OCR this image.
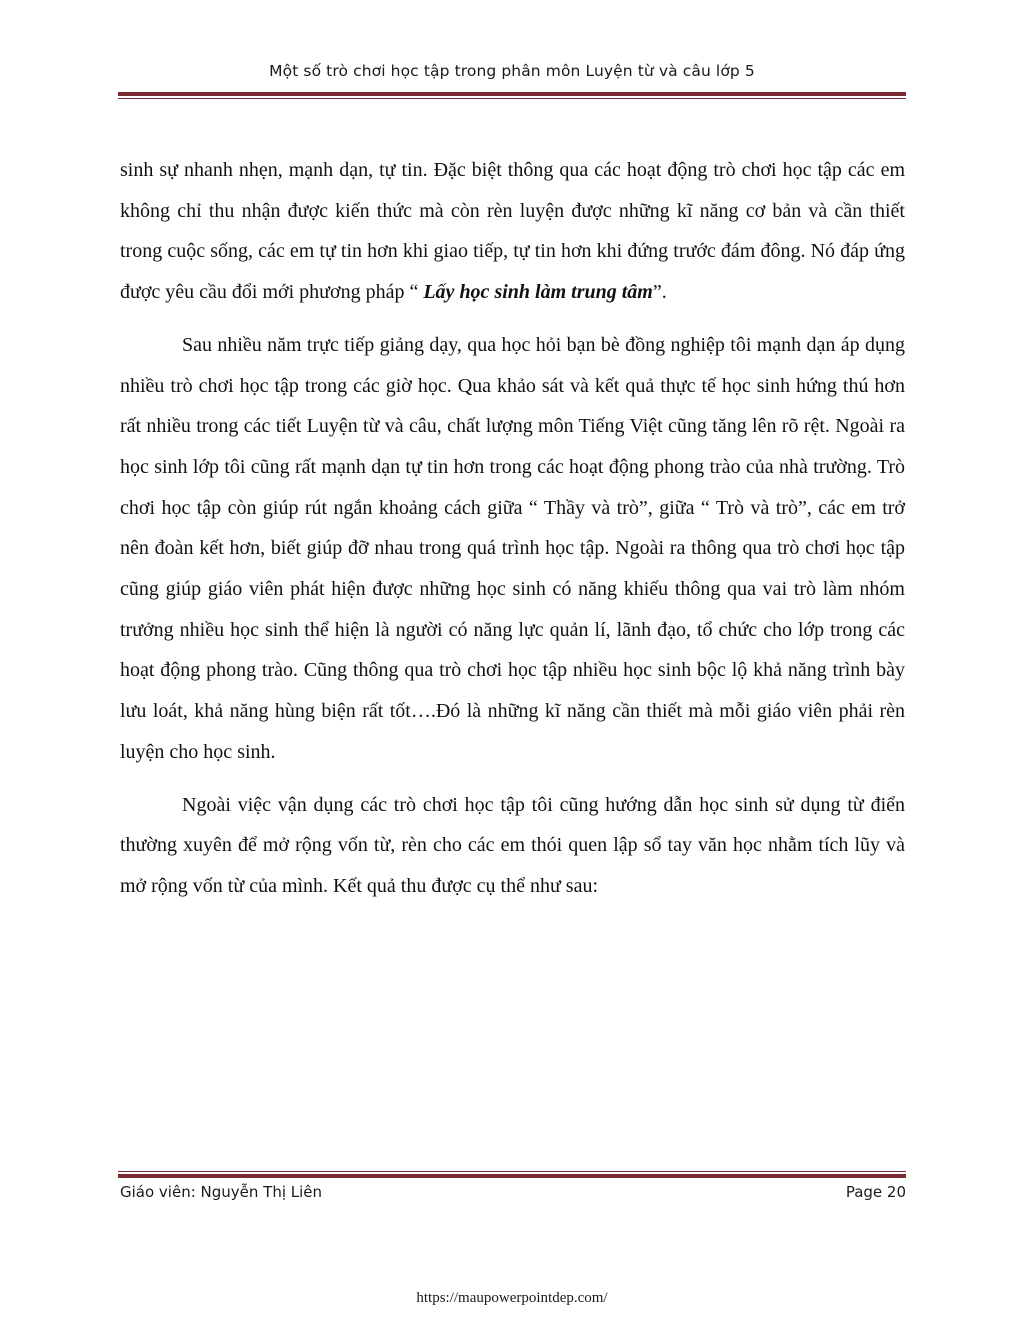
Một số trò chơi học tập trong phân môn Luyện từ và câu lớp 5

sinh sự nhanh nhẹn, mạnh dạn, tự tin. Đặc biệt thông qua các hoạt động trò chơi học tập các em không chỉ thu nhận được kiến thức mà còn rèn luyện được những kĩ năng cơ bản và cần thiết trong cuộc sống, các em tự tin hơn khi giao tiếp, tự tin hơn khi đứng trước đám đông. Nó đáp ứng được yêu cầu đổi mới phương pháp “ Lấy học sinh làm trung tâm”.

Sau nhiều năm trực tiếp giảng dạy, qua học hỏi bạn bè đồng nghiệp tôi mạnh dạn áp dụng nhiều trò chơi học tập trong các giờ học. Qua khảo sát và kết quả thực tế học sinh hứng thú hơn rất nhiều trong các tiết Luyện từ và câu, chất lượng môn Tiếng Việt cũng tăng lên rõ rệt. Ngoài ra học sinh lớp tôi cũng rất mạnh dạn tự tin hơn trong các hoạt động phong trào của nhà trường. Trò chơi học tập còn giúp rút ngắn khoảng cách giữa “ Thầy và trò”, giữa “ Trò và trò”, các em trở nên đoàn kết hơn, biết giúp đỡ nhau trong quá trình học tập. Ngoài ra thông qua trò chơi học tập cũng giúp giáo viên phát hiện được những học sinh có năng khiếu thông qua vai trò làm nhóm trưởng nhiều học sinh thể hiện là người có năng lực quản lí, lãnh đạo, tổ chức cho lớp trong các hoạt động phong trào. Cũng thông qua trò chơi học tập nhiều học sinh bộc lộ khả năng trình bày lưu loát, khả năng hùng biện rất tốt….Đó là những kĩ năng cần thiết mà mỗi giáo viên phải rèn luyện cho học sinh.

Ngoài việc vận dụng các trò chơi học tập tôi cũng hướng dẫn học sinh sử dụng từ điển thường xuyên để mở rộng vốn từ, rèn cho các em thói quen lập sổ tay văn học nhằm tích lũy và mở rộng vốn từ của mình. Kết quả thu được cụ thể như sau:

Giáo viên: Nguyễn Thị Liên	Page 20
https://maupowerpointdep.com/
